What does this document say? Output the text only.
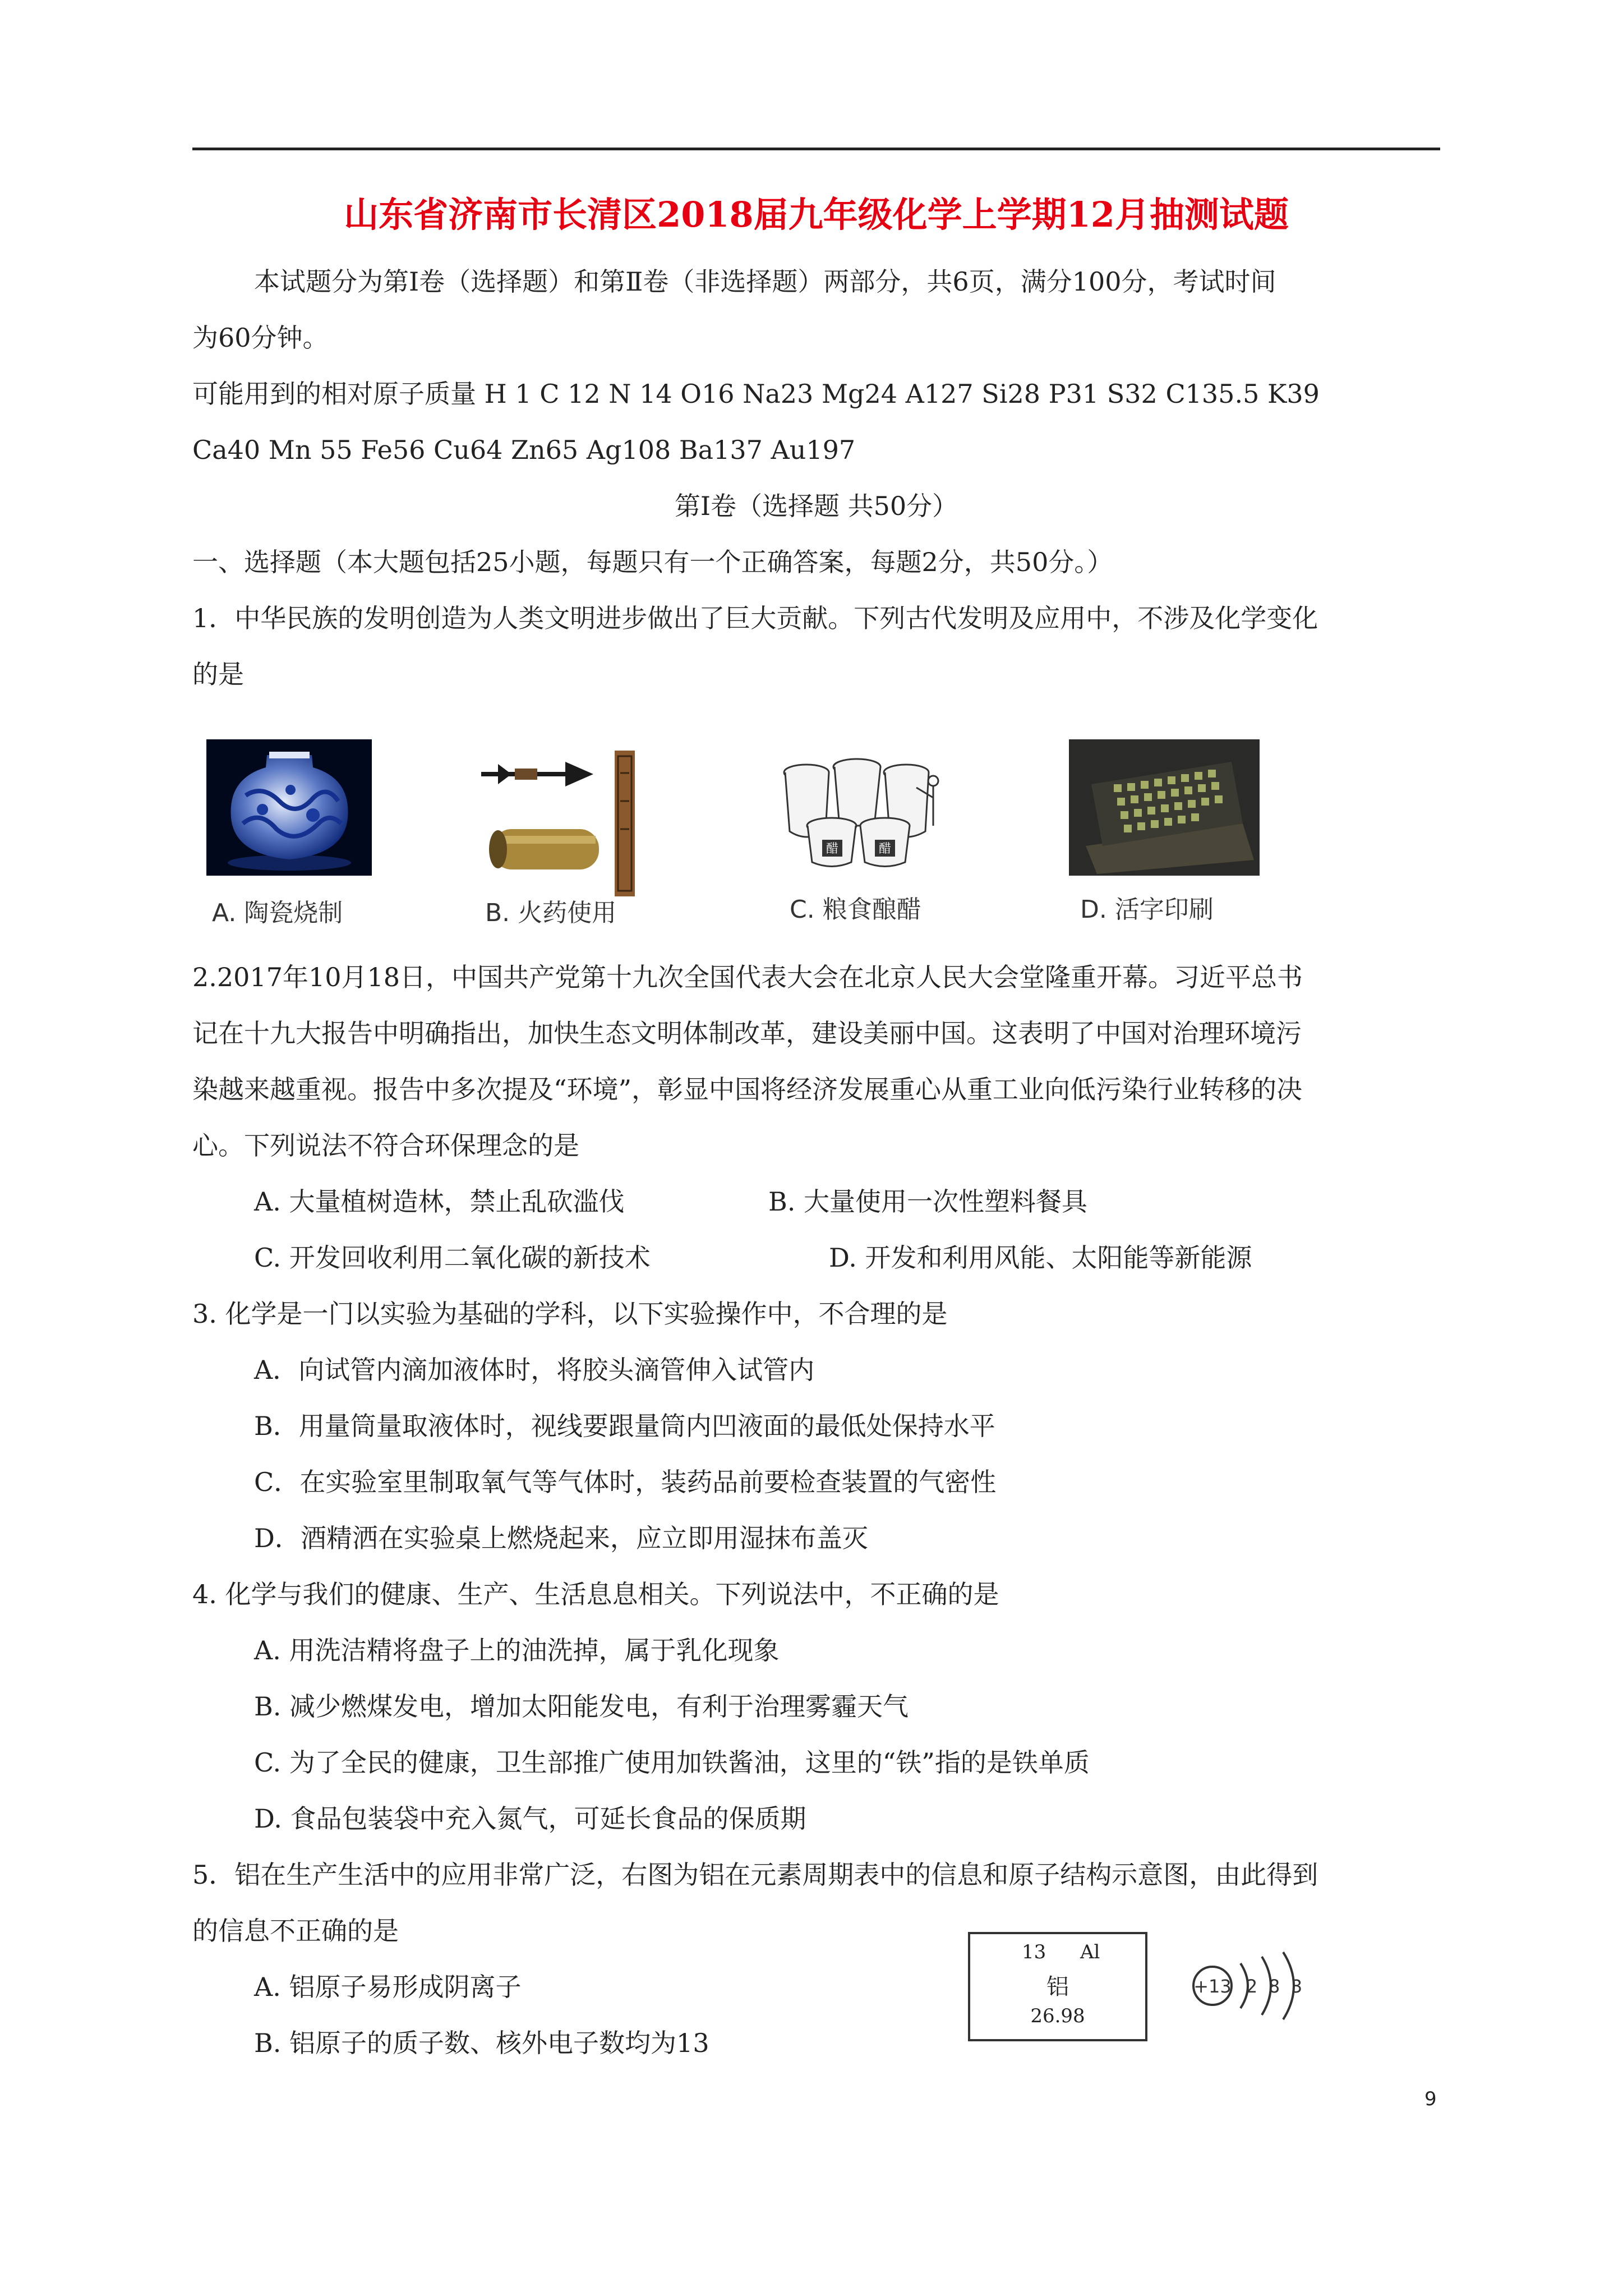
山东省济南市长清区2018届九年级化学上学期12月抽测试题
本试题分为第Ⅰ卷（选择题）和第Ⅱ卷（非选择题）两部分，共6页，满分100分，考试时间
为60分钟。
可能用到的相对原子质量 H 1 C 12 N 14 O16 Na23 Mg24 A127 Si28 P31 S32 C135.5 K39
Ca40 Mn 55 Fe56 Cu64 Zn65 Ag108 Ba137 Au197
第Ⅰ卷（选择题 共50分）
一、选择题（本大题包括25小题，每题只有一个正确答案，每题2分，共50分。）
1．中华民族的发明创造为人类文明进步做出了巨大贡献。下列古代发明及应用中，不涉及化学变化
的是
A. 陶瓷烧制	B. 火药使用
醋	醋
C. 粮食酿醋	D. 活字印刷
2.2017年10月18日，中国共产党第十九次全国代表大会在北京人民大会堂隆重开幕。习近平总书
记在十九大报告中明确指出，加快生态文明体制改革，建设美丽中国。这表明了中国对治理环境污
染越来越重视。报告中多次提及“环境”，彰显中国将经济发展重心从重工业向低污染行业转移的决
心。下列说法不符合环保理念的是
A. 大量植树造林，禁止乱砍滥伐	B. 大量使用一次性塑料餐具
C. 开发回收利用二氧化碳的新技术	D. 开发和利用风能、太阳能等新能源
3. 化学是一门以实验为基础的学科，以下实验操作中，不合理的是
A．向试管内滴加液体时，将胶头滴管伸入试管内
B．用量筒量取液体时，视线要跟量筒内凹液面的最低处保持水平
C．在实验室里制取氧气等气体时，装药品前要检查装置的气密性
D．酒精洒在实验桌上燃烧起来，应立即用湿抹布盖灭
4. 化学与我们的健康、生产、生活息息相关。下列说法中，不正确的是
A. 用洗洁精将盘子上的油洗掉，属于乳化现象
B. 减少燃煤发电，增加太阳能发电，有利于治理雾霾天气
C. 为了全民的健康，卫生部推广使用加铁酱油，这里的“铁”指的是铁单质
D. 食品包装袋中充入氮气，可延长食品的保质期
5．铝在生产生活中的应用非常广泛，右图为铝在元素周期表中的信息和原子结构示意图，由此得到
的信息不正确的是
A. 铝原子易形成阴离子
B. 铝原子的质子数、核外电子数均为13
13 Al
铝
26.98
+13 2 8 3
9
